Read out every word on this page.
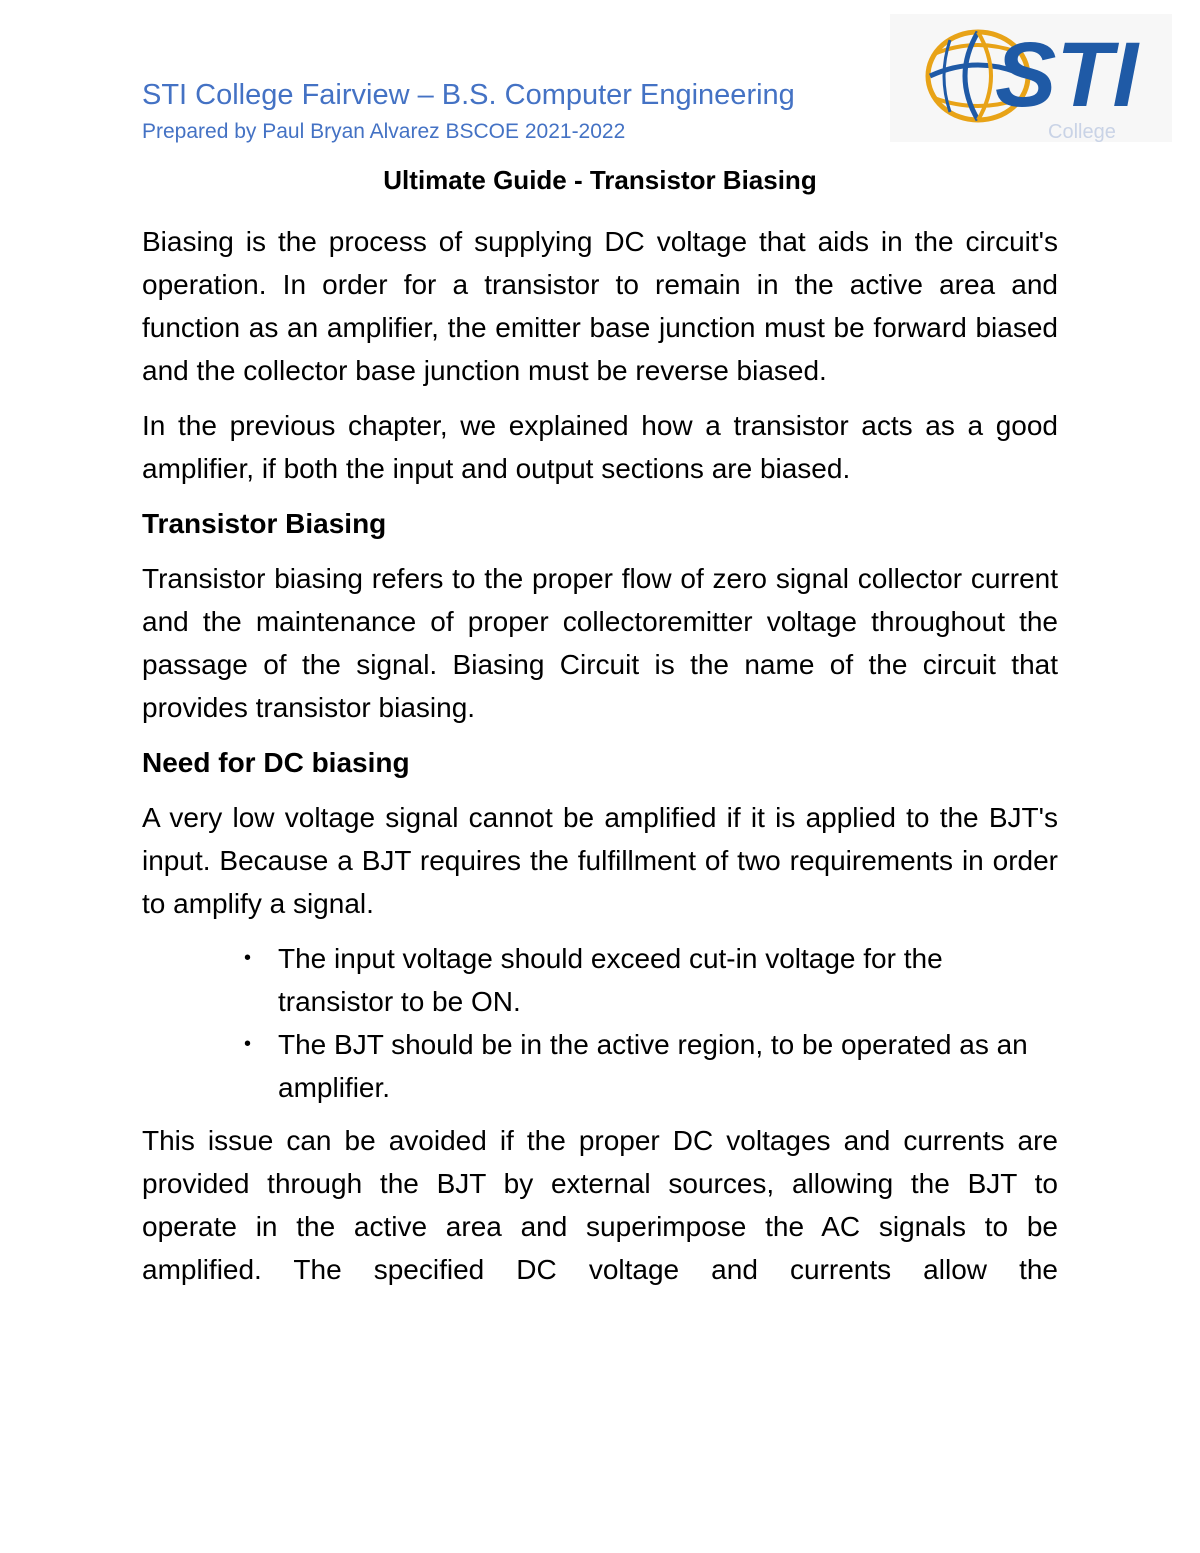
STI College Fairview – B.S. Computer Engineering
Prepared by Paul Bryan Alvarez BSCOE 2021-2022
STI
College
Ultimate Guide - Transistor Biasing

Biasing is the process of supplying DC voltage that aids in the circuit's operation. In order for a transistor to remain in the active area and function as an amplifier, the emitter base junction must be forward biased and the collector base junction must be reverse biased.

In the previous chapter, we explained how a transistor acts as a good amplifier, if both the input and output sections are biased.

Transistor Biasing

Transistor biasing refers to the proper flow of zero signal collector current and the maintenance of proper collectoremitter voltage throughout the passage of the signal. Biasing Circuit is the name of the circuit that provides transistor biasing.

Need for DC biasing

A very low voltage signal cannot be amplified if it is applied to the BJT's input. Because a BJT requires the fulfillment of two requirements in order to amplify a signal.

• The input voltage should exceed cut-in voltage for the transistor to be ON.
• The BJT should be in the active region, to be operated as an amplifier.

This issue can be avoided if the proper DC voltages and currents are provided through the BJT by external sources, allowing the BJT to operate in the active area and superimpose the AC signals to be amplified. The specified DC voltage and currents allow the
